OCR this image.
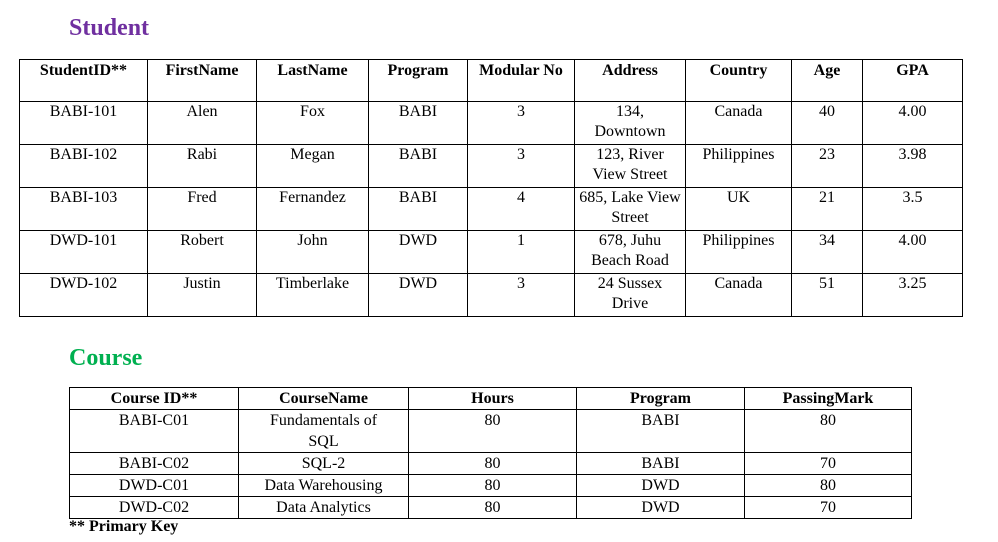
Student
StudentID**	FirstName	LastName	Program	Modular No	Address	Country	Age	GPA
BABI-101	Alen	Fox	BABI	3	134, Downtown	Canada	40	4.00
BABI-102	Rabi	Megan	BABI	3	123, River View Street	Philippines	23	3.98
BABI-103	Fred	Fernandez	BABI	4	685, Lake View Street	UK	21	3.5
DWD-101	Robert	John	DWD	1	678, Juhu Beach Road	Philippines	34	4.00
DWD-102	Justin	Timberlake	DWD	3	24 Sussex Drive	Canada	51	3.25
Course
Course ID**	CourseName	Hours	Program	PassingMark
BABI-C01	Fundamentals of SQL	80	BABI	80
BABI-C02	SQL-2	80	BABI	70
DWD-C01	Data Warehousing	80	DWD	80
DWD-C02	Data Analytics	80	DWD	70
** Primary Key
